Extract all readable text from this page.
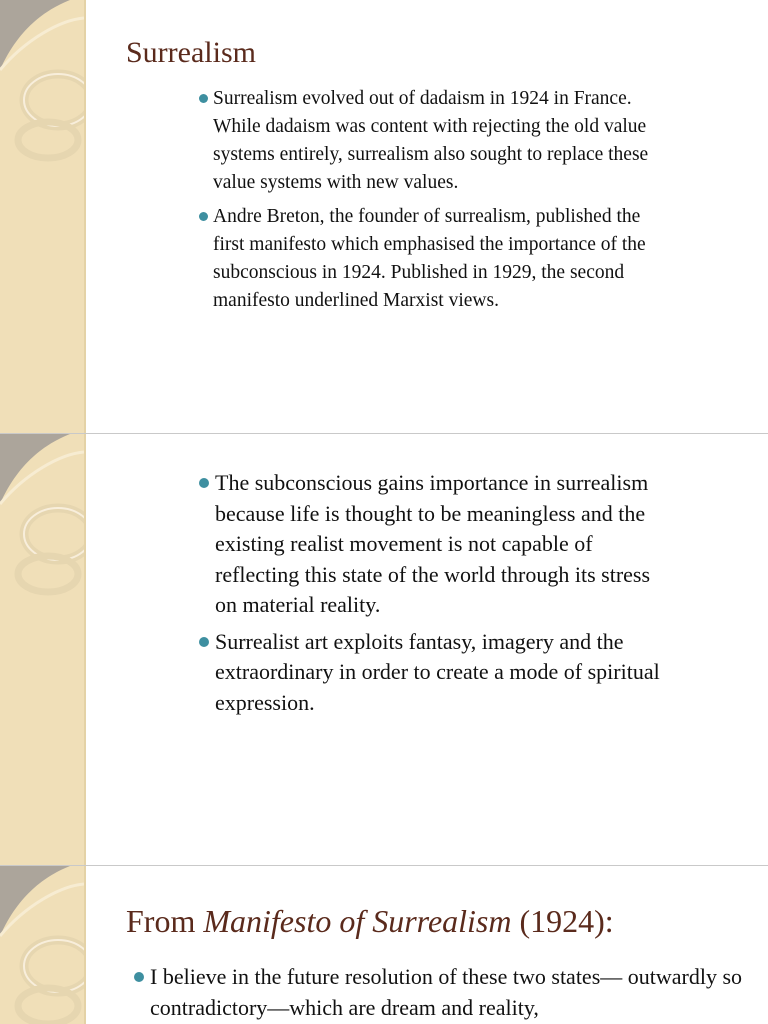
Surrealism
Surrealism evolved out of dadaism in 1924 in France. While dadaism was content with rejecting the old value systems entirely, surrealism also sought to replace these value systems with new values.
Andre Breton, the founder of surrealism, published the first manifesto which emphasised the importance of the subconscious in 1924. Published in 1929, the second manifesto underlined Marxist views.
The subconscious gains importance in surrealism because life is thought to be meaningless and the existing realist movement is not capable of reflecting this state of the world through its stress on material reality.
Surrealist art exploits fantasy, imagery and the extraordinary in order to create a mode of spiritual expression.
From Manifesto of Surrealism (1924):
I believe in the future resolution of these two states— outwardly so contradictory—which are dream and reality,
